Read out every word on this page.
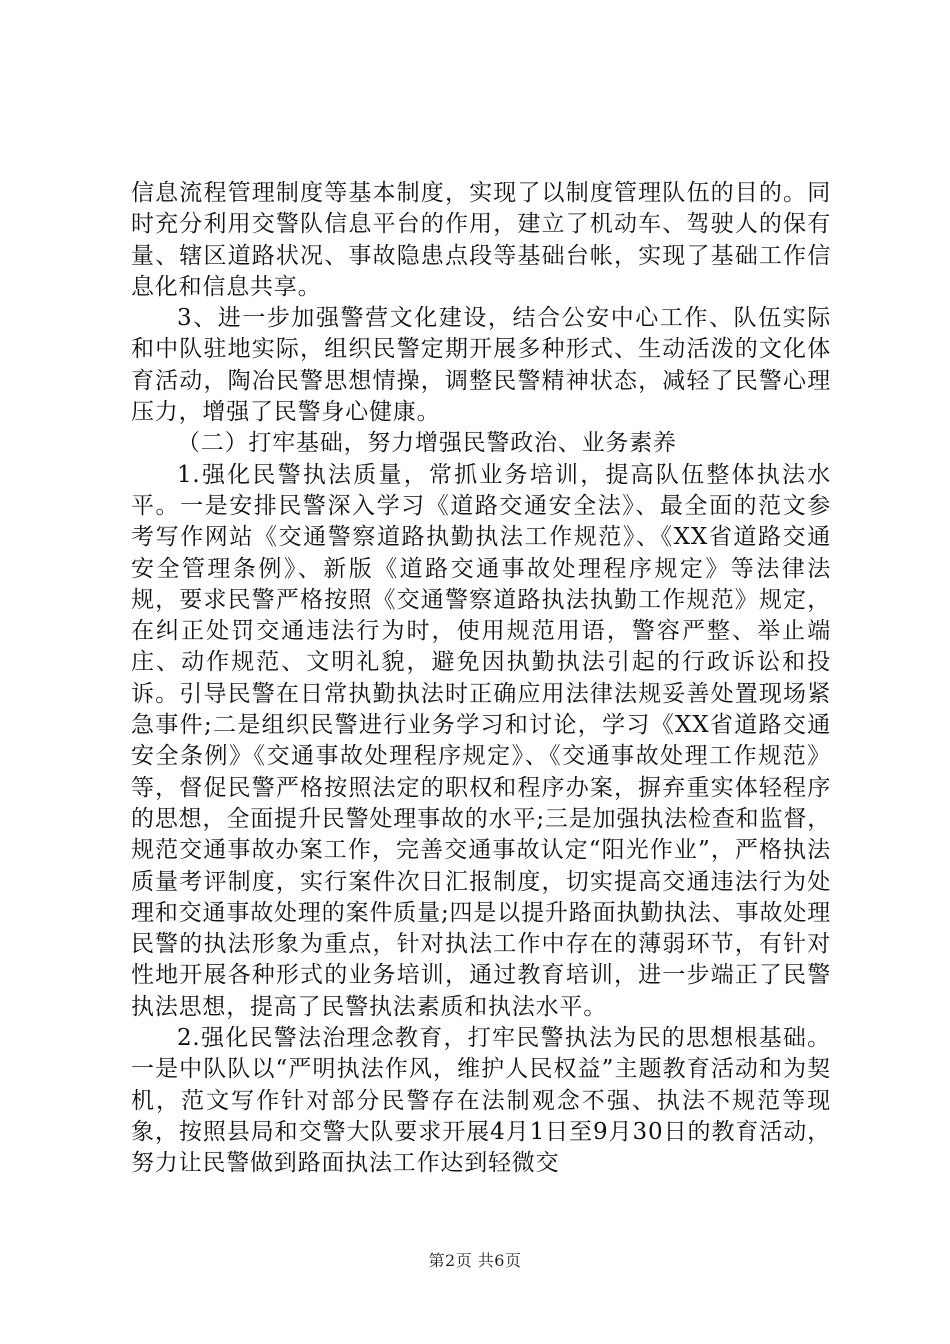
信息流程管理制度等基本制度，实现了以制度管理队伍的目的。同时充分利用交警队信息平台的作用，建立了机动车、驾驶人的保有量、辖区道路状况、事故隐患点段等基础台帐，实现了基础工作信息化和信息共享。

3、进一步加强警营文化建设，结合公安中心工作、队伍实际和中队驻地实际，组织民警定期开展多种形式、生动活泼的文化体育活动，陶冶民警思想情操，调整民警精神状态，减轻了民警心理压力，增强了民警身心健康。

（二）打牢基础，努力增强民警政治、业务素养

1.强化民警执法质量，常抓业务培训，提高队伍整体执法水平。一是安排民警深入学习《道路交通安全法》、最全面的范文参考写作网站《交通警察道路执勤执法工作规范》、《XX省道路交通安全管理条例》、新版《道路交通事故处理程序规定》等法律法规，要求民警严格按照《交通警察道路执法执勤工作规范》规定，在纠正处罚交通违法行为时，使用规范用语，警容严整、举止端庄、动作规范、文明礼貌，避免因执勤执法引起的行政诉讼和投诉。引导民警在日常执勤执法时正确应用法律法规妥善处置现场紧急事件;二是组织民警进行业务学习和讨论，学习《XX省道路交通安全条例》《交通事故处理程序规定》、《交通事故处理工作规范》等，督促民警严格按照法定的职权和程序办案，摒弃重实体轻程序的思想，全面提升民警处理事故的水平;三是加强执法检查和监督，规范交通事故办案工作，完善交通事故认定“阳光作业”，严格执法质量考评制度，实行案件次日汇报制度，切实提高交通违法行为处理和交通事故处理的案件质量;四是以提升路面执勤执法、事故处理民警的执法形象为重点，针对执法工作中存在的薄弱环节，有针对性地开展各种形式的业务培训，通过教育培训，进一步端正了民警执法思想，提高了民警执法素质和执法水平。

2.强化民警法治理念教育，打牢民警执法为民的思想根基础。一是中队队以“严明执法作风，维护人民权益”主题教育活动和为契机，范文写作针对部分民警存在法制观念不强、执法不规范等现象，按照县局和交警大队要求开展4月1日至9月30日的教育活动，努力让民警做到路面执法工作达到轻微交

第2页 共6页
